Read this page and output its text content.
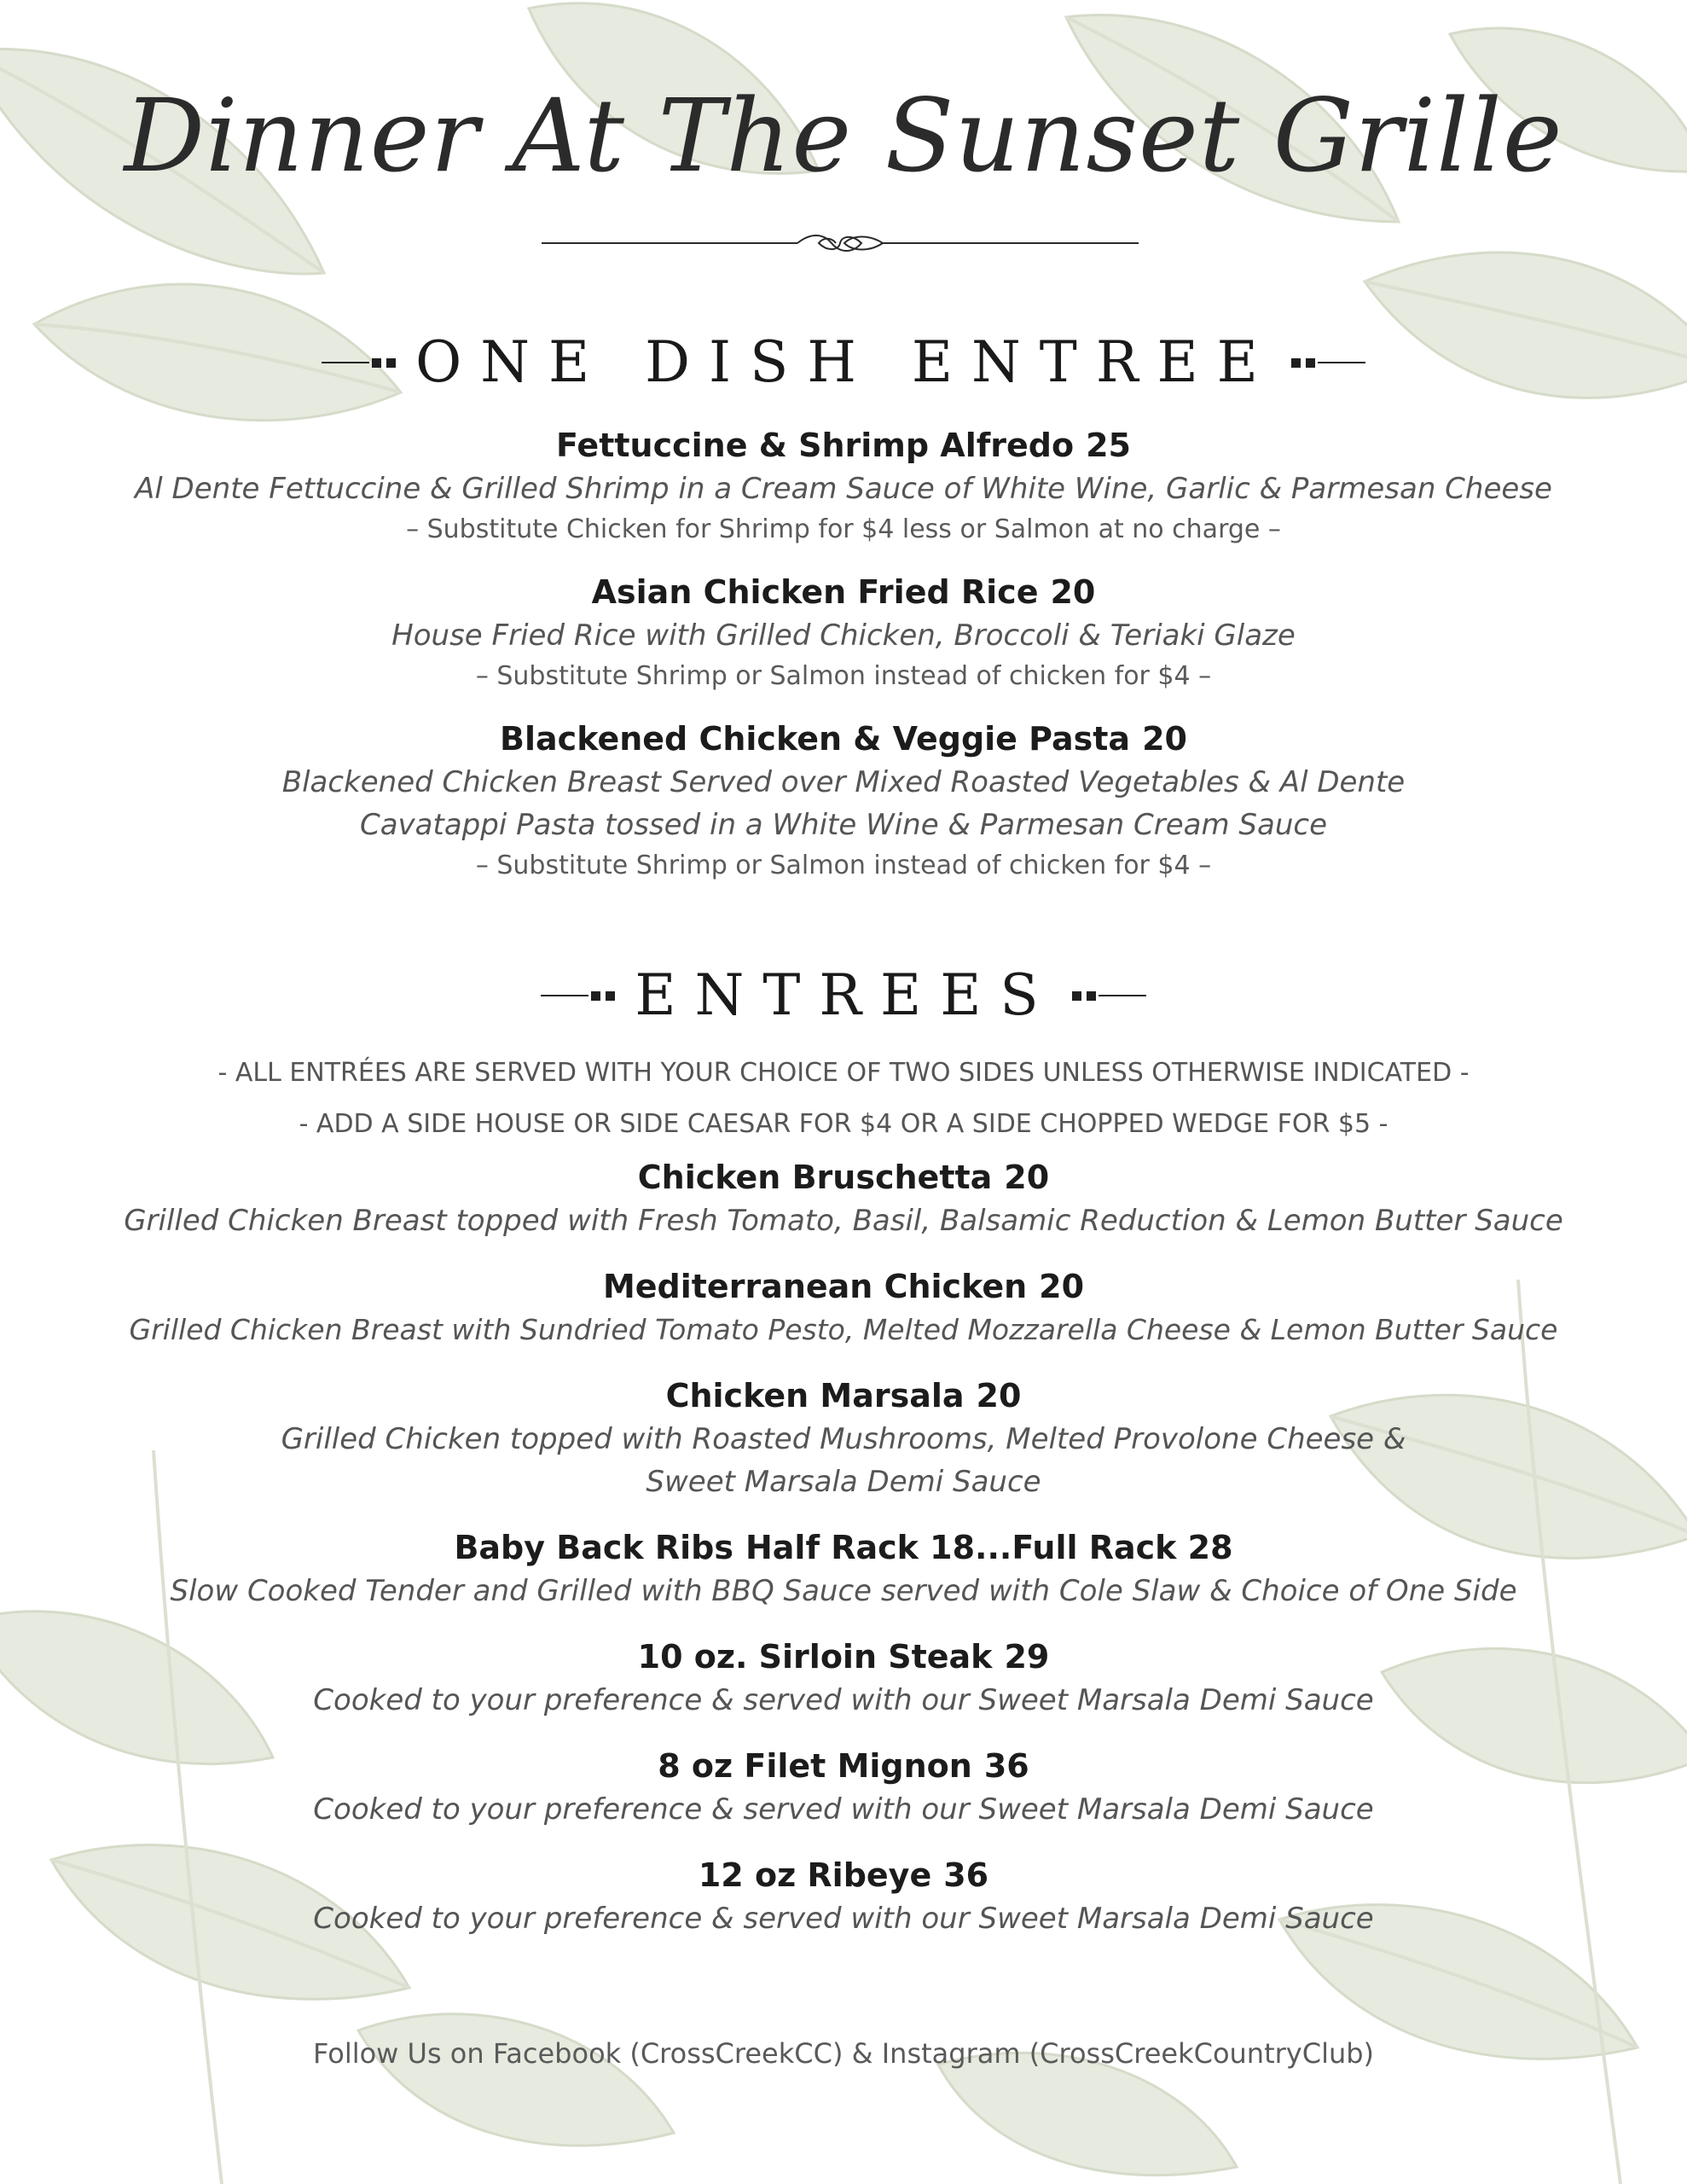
Dinner At The Sunset Grille
ONE DISH ENTREE

Fettuccine & Shrimp Alfredo 25

Al Dente Fettuccine & Grilled Shrimp in a Cream Sauce of White Wine, Garlic & Parmesan Cheese

– Substitute Chicken for Shrimp for $4 less or Salmon at no charge –

Asian Chicken Fried Rice 20

House Fried Rice with Grilled Chicken, Broccoli & Teriaki Glaze

– Substitute Shrimp or Salmon instead of chicken for $4 –

Blackened Chicken & Veggie Pasta 20

Blackened Chicken Breast Served over Mixed Roasted Vegetables & Al Dente

Cavatappi Pasta tossed in a White Wine & Parmesan Cream Sauce

– Substitute Shrimp or Salmon instead of chicken for $4 –

ENTREES

- ALL ENTRÉES ARE SERVED WITH YOUR CHOICE OF TWO SIDES UNLESS OTHERWISE INDICATED -

- ADD A SIDE HOUSE OR SIDE CAESAR FOR $4 OR A SIDE CHOPPED WEDGE FOR $5 -

Chicken Bruschetta 20

Grilled Chicken Breast topped with Fresh Tomato, Basil, Balsamic Reduction & Lemon Butter Sauce

Mediterranean Chicken 20

Grilled Chicken Breast with Sundried Tomato Pesto, Melted Mozzarella Cheese & Lemon Butter Sauce

Chicken Marsala 20

Grilled Chicken topped with Roasted Mushrooms, Melted Provolone Cheese &

Sweet Marsala Demi Sauce

Baby Back Ribs Half Rack 18...Full Rack 28

Slow Cooked Tender and Grilled with BBQ Sauce served with Cole Slaw & Choice of One Side

10 oz. Sirloin Steak 29

Cooked to your preference & served with our Sweet Marsala Demi Sauce

8 oz Filet Mignon 36

Cooked to your preference & served with our Sweet Marsala Demi Sauce

12 oz Ribeye 36

Cooked to your preference & served with our Sweet Marsala Demi Sauce

Follow Us on Facebook (CrossCreekCC) & Instagram (CrossCreekCountryClub)
